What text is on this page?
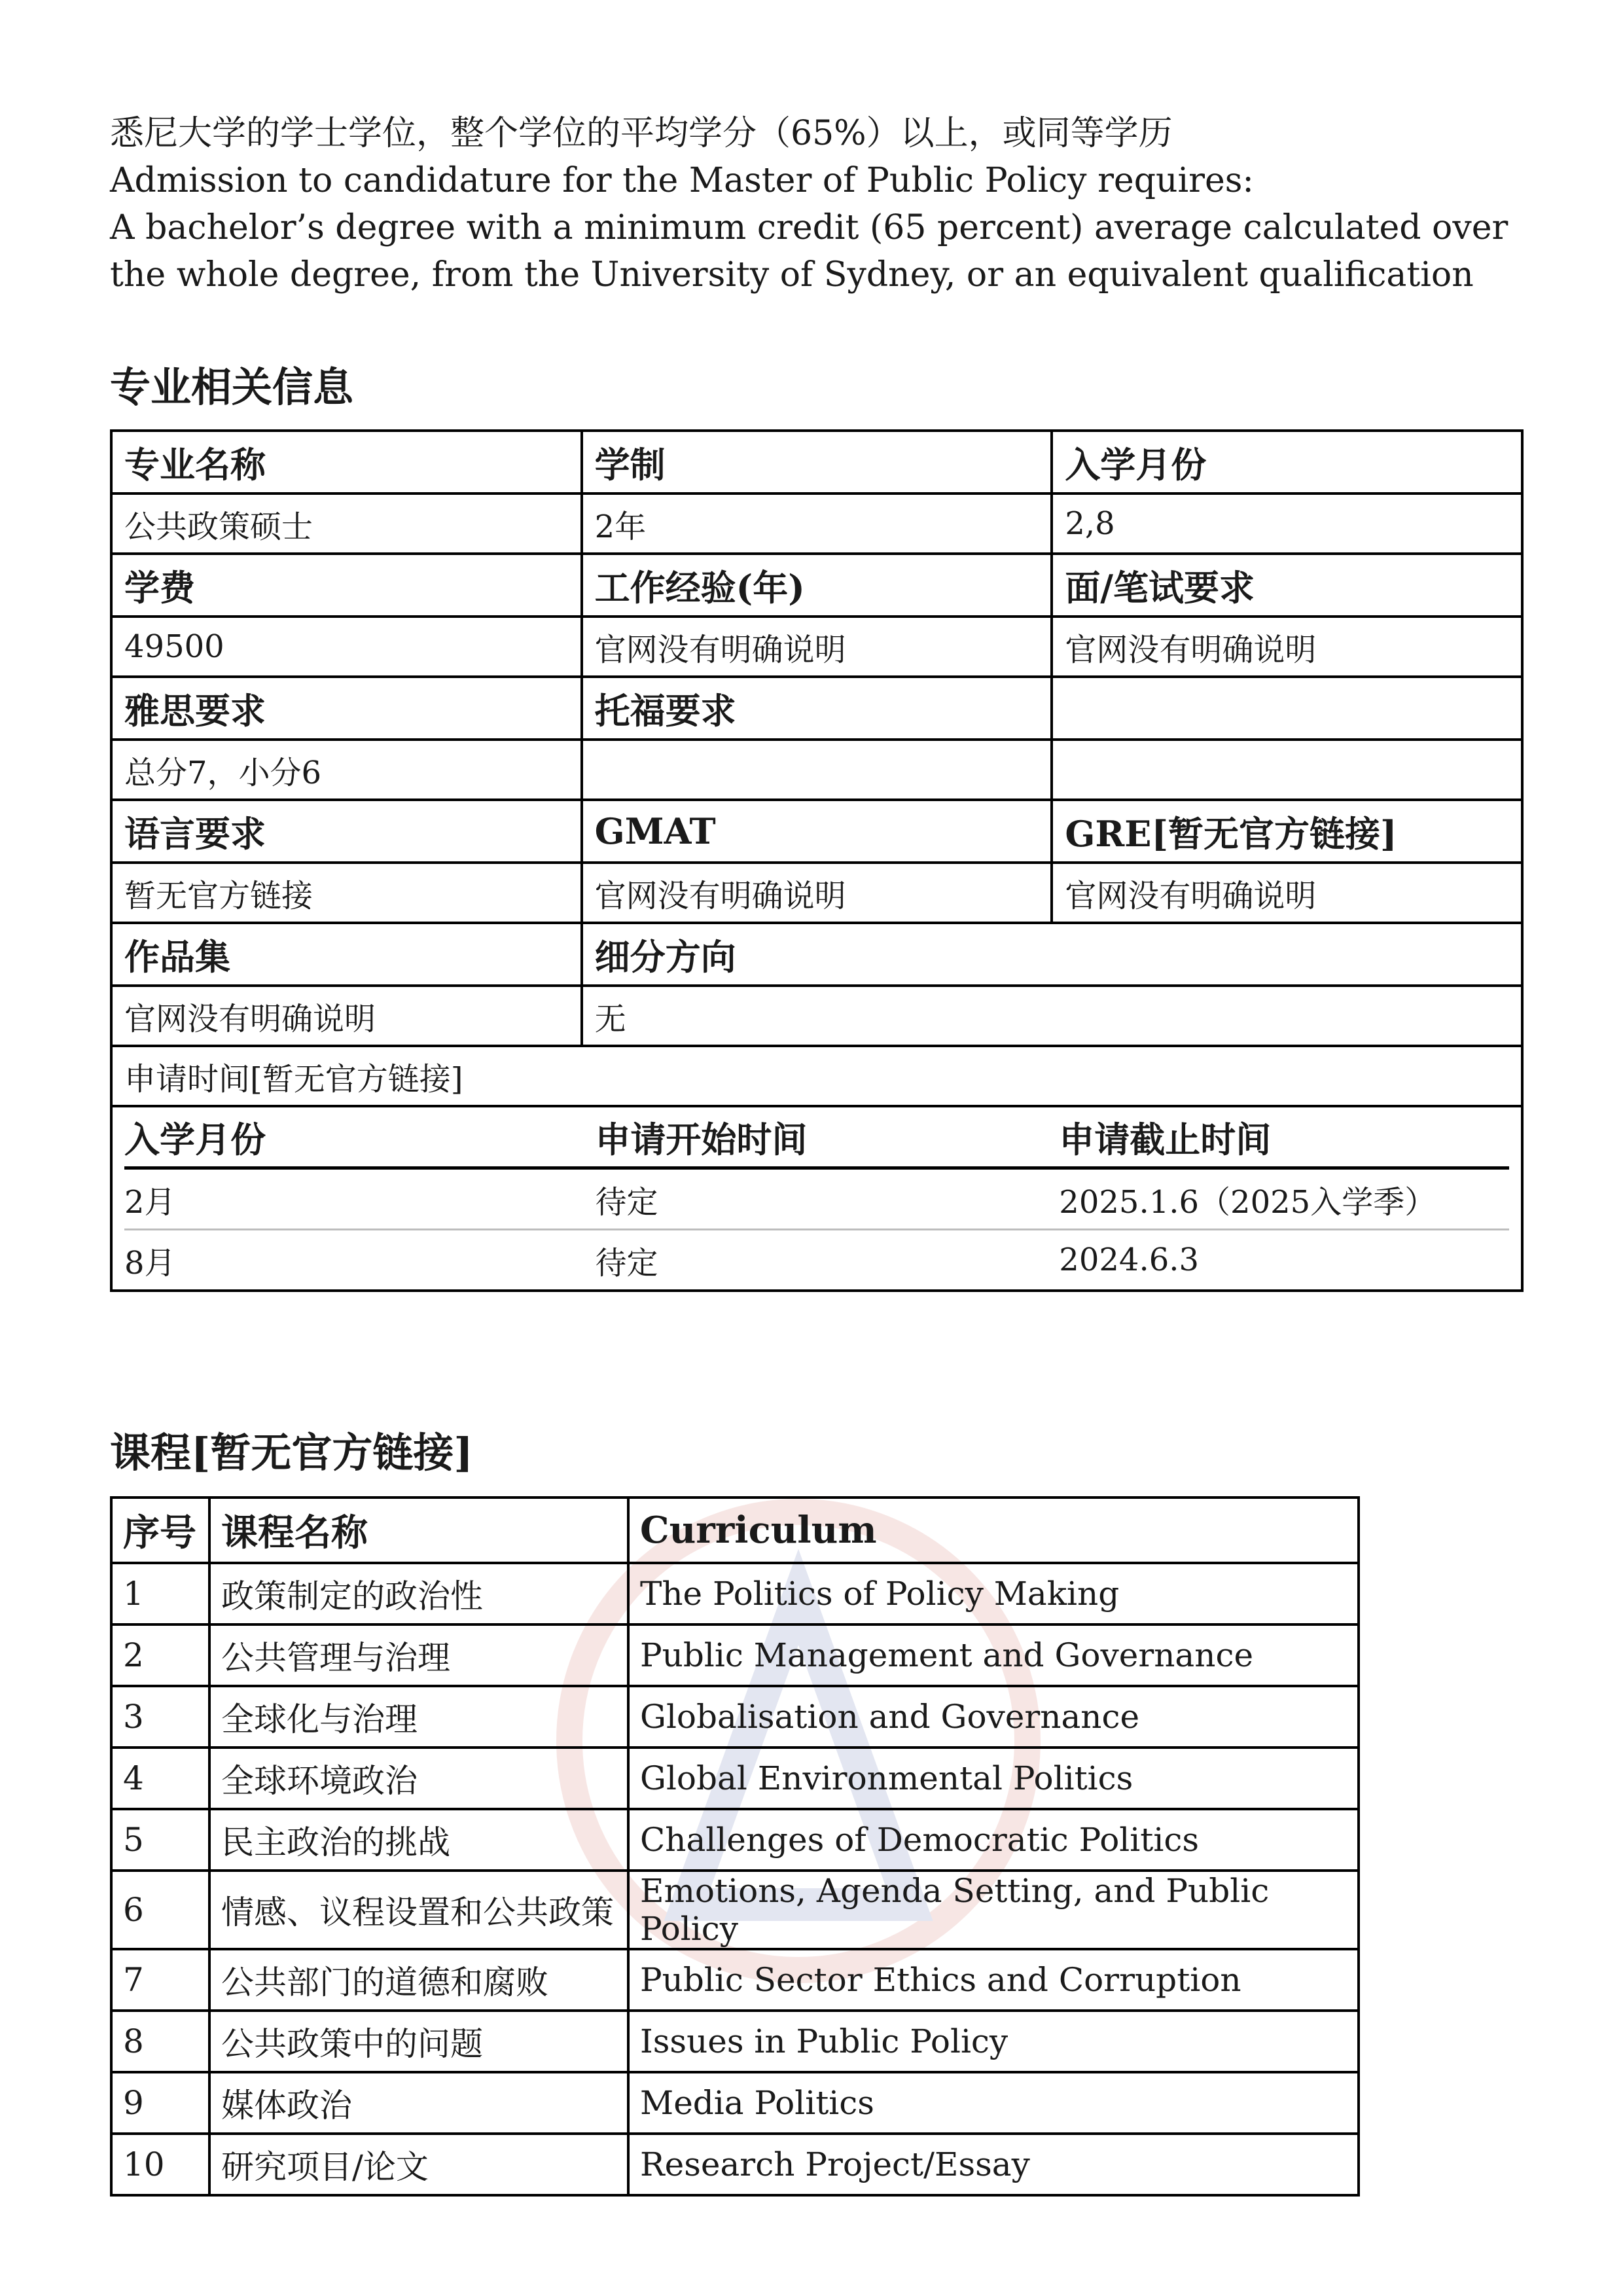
悉尼大学的学士学位，整个学位的平均学分（65%）以上，或同等学历

Admission to candidature for the Master of Public Policy requires:

A bachelor’s degree with a minimum credit (65 percent) average calculated over the whole degree, from the University of Sydney, or an equivalent qualification

专业相关信息
专业名称	学制	入学月份
公共政策硕士	2年	2,8
学费	工作经验(年)	面/笔试要求
49500	官网没有明确说明	官网没有明确说明
雅思要求	托福要求	
总分7，小分6		
语言要求	GMAT	GRE[暂无官方链接]
暂无官方链接	官网没有明确说明	官网没有明确说明
作品集	细分方向
官网没有明确说明	无
申请时间[暂无官方链接]

入学月份	申请开始时间	申请截止时间
2月	待定	2025.1.6（2025入学季）
8月	待定	2024.6.3
课程[暂无官方链接]
序号	课程名称	Curriculum
1	政策制定的政治性	The Politics of Policy Making
2	公共管理与治理	Public Management and Governance
3	全球化与治理	Globalisation and Governance
4	全球环境政治	Global Environmental Politics
5	民主政治的挑战	Challenges of Democratic Politics
6	情感、议程设置和公共政策	Emotions, Agenda Setting, and Public Policy
7	公共部门的道德和腐败	Public Sector Ethics and Corruption
8	公共政策中的问题	Issues in Public Policy
9	媒体政治	Media Politics
10	研究项目/论文	Research Project/Essay
